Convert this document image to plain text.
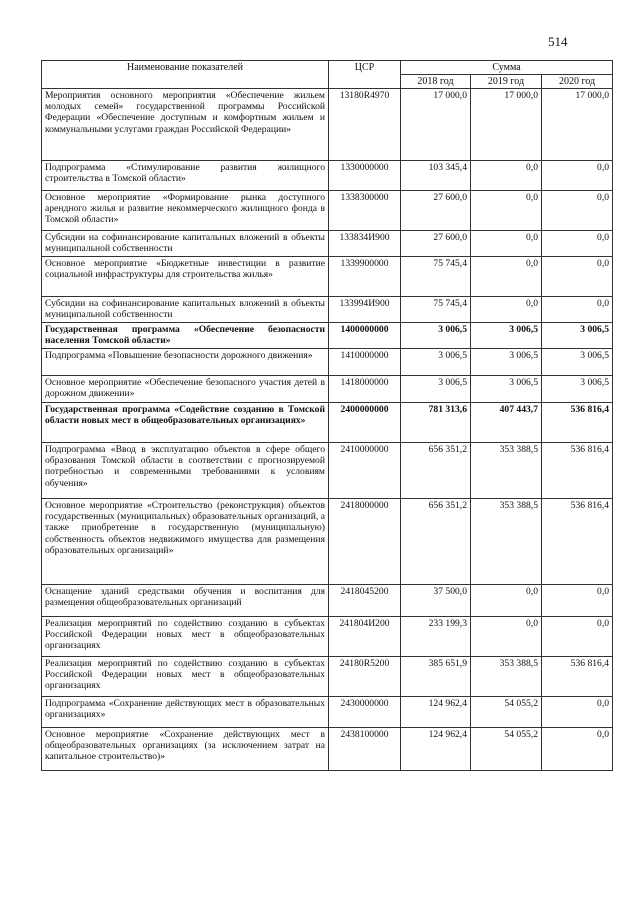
514
Наименование показателей	ЦСР	Сумма		
		2018 год	2019 год	2020 год
Мероприятия основного мероприятия «Обеспечение жильем молодых семей» государственной программы Российской Федерации «Обеспечение доступным и комфортным жильем и коммунальными услугами граждан Российской Федерации»	13180R4970	17 000,0	17 000,0	17 000,0
Подпрограмма «Стимулирование развития жилищного строительства в Томской области»	1330000000	103 345,4	0,0	0,0
Основное мероприятие «Формирование рынка доступного арендного жилья и развитие некоммерческого жилищного фонда в Томской области»	1338300000	27 600,0	0,0	0,0
Субсидии на софинансирование капитальных вложений в объекты муниципальной собственности	133834И900	27 600,0	0,0	0,0
Основное мероприятие «Бюджетные инвестиции в развитие социальной инфраструктуры для строительства жилья»	1339900000	75 745,4	0,0	0,0
Субсидии на софинансирование капитальных вложений в объекты муниципальной собственности	133994И900	75 745,4	0,0	0,0
Государственная программа «Обеспечение безопасности населения Томской области»	1400000000	3 006,5	3 006,5	3 006,5
Подпрограмма «Повышение безопасности дорожного движения»	1410000000	3 006,5	3 006,5	3 006,5
Основное мероприятие «Обеспечение безопасного участия детей в дорожном движении»	1418000000	3 006,5	3 006,5	3 006,5
Государственная программа «Содействие созданию в Томской области новых мест в общеобразовательных организациях»	2400000000	781 313,6	407 443,7	536 816,4
Подпрограмма «Ввод в эксплуатацию объектов в сфере общего образования Томской области в соответствии с прогнозируемой потребностью и современными требованиями к условиям обучения»	2410000000	656 351,2	353 388,5	536 816,4
Основное мероприятие «Строительство (реконструкция) объектов государственных (муниципальных) образовательных организаций, а также приобретение в государственную (муниципальную) собственность объектов недвижимого имущества для размещения образовательных организаций»	2418000000	656 351,2	353 388,5	536 816,4
Оснащение зданий средствами обучения и воспитания для размещения общеобразовательных организаций	2418045200	37 500,0	0,0	0,0
Реализация мероприятий по содействию созданию в субъектах Российской Федерации новых мест в общеобразовательных организациях	241804И200	233 199,3	0,0	0,0
Реализация мероприятий по содействию созданию в субъектах Российской Федерации новых мест в общеобразовательных организациях	24180R5200	385 651,9	353 388,5	536 816,4
Подпрограмма «Сохранение действующих мест в образовательных организациях»	2430000000	124 962,4	54 055,2	0,0
Основное мероприятие «Сохранение действующих мест в общеобразовательных организациях (за исключением затрат на капитальное строительство)»	2438100000	124 962,4	54 055,2	0,0
